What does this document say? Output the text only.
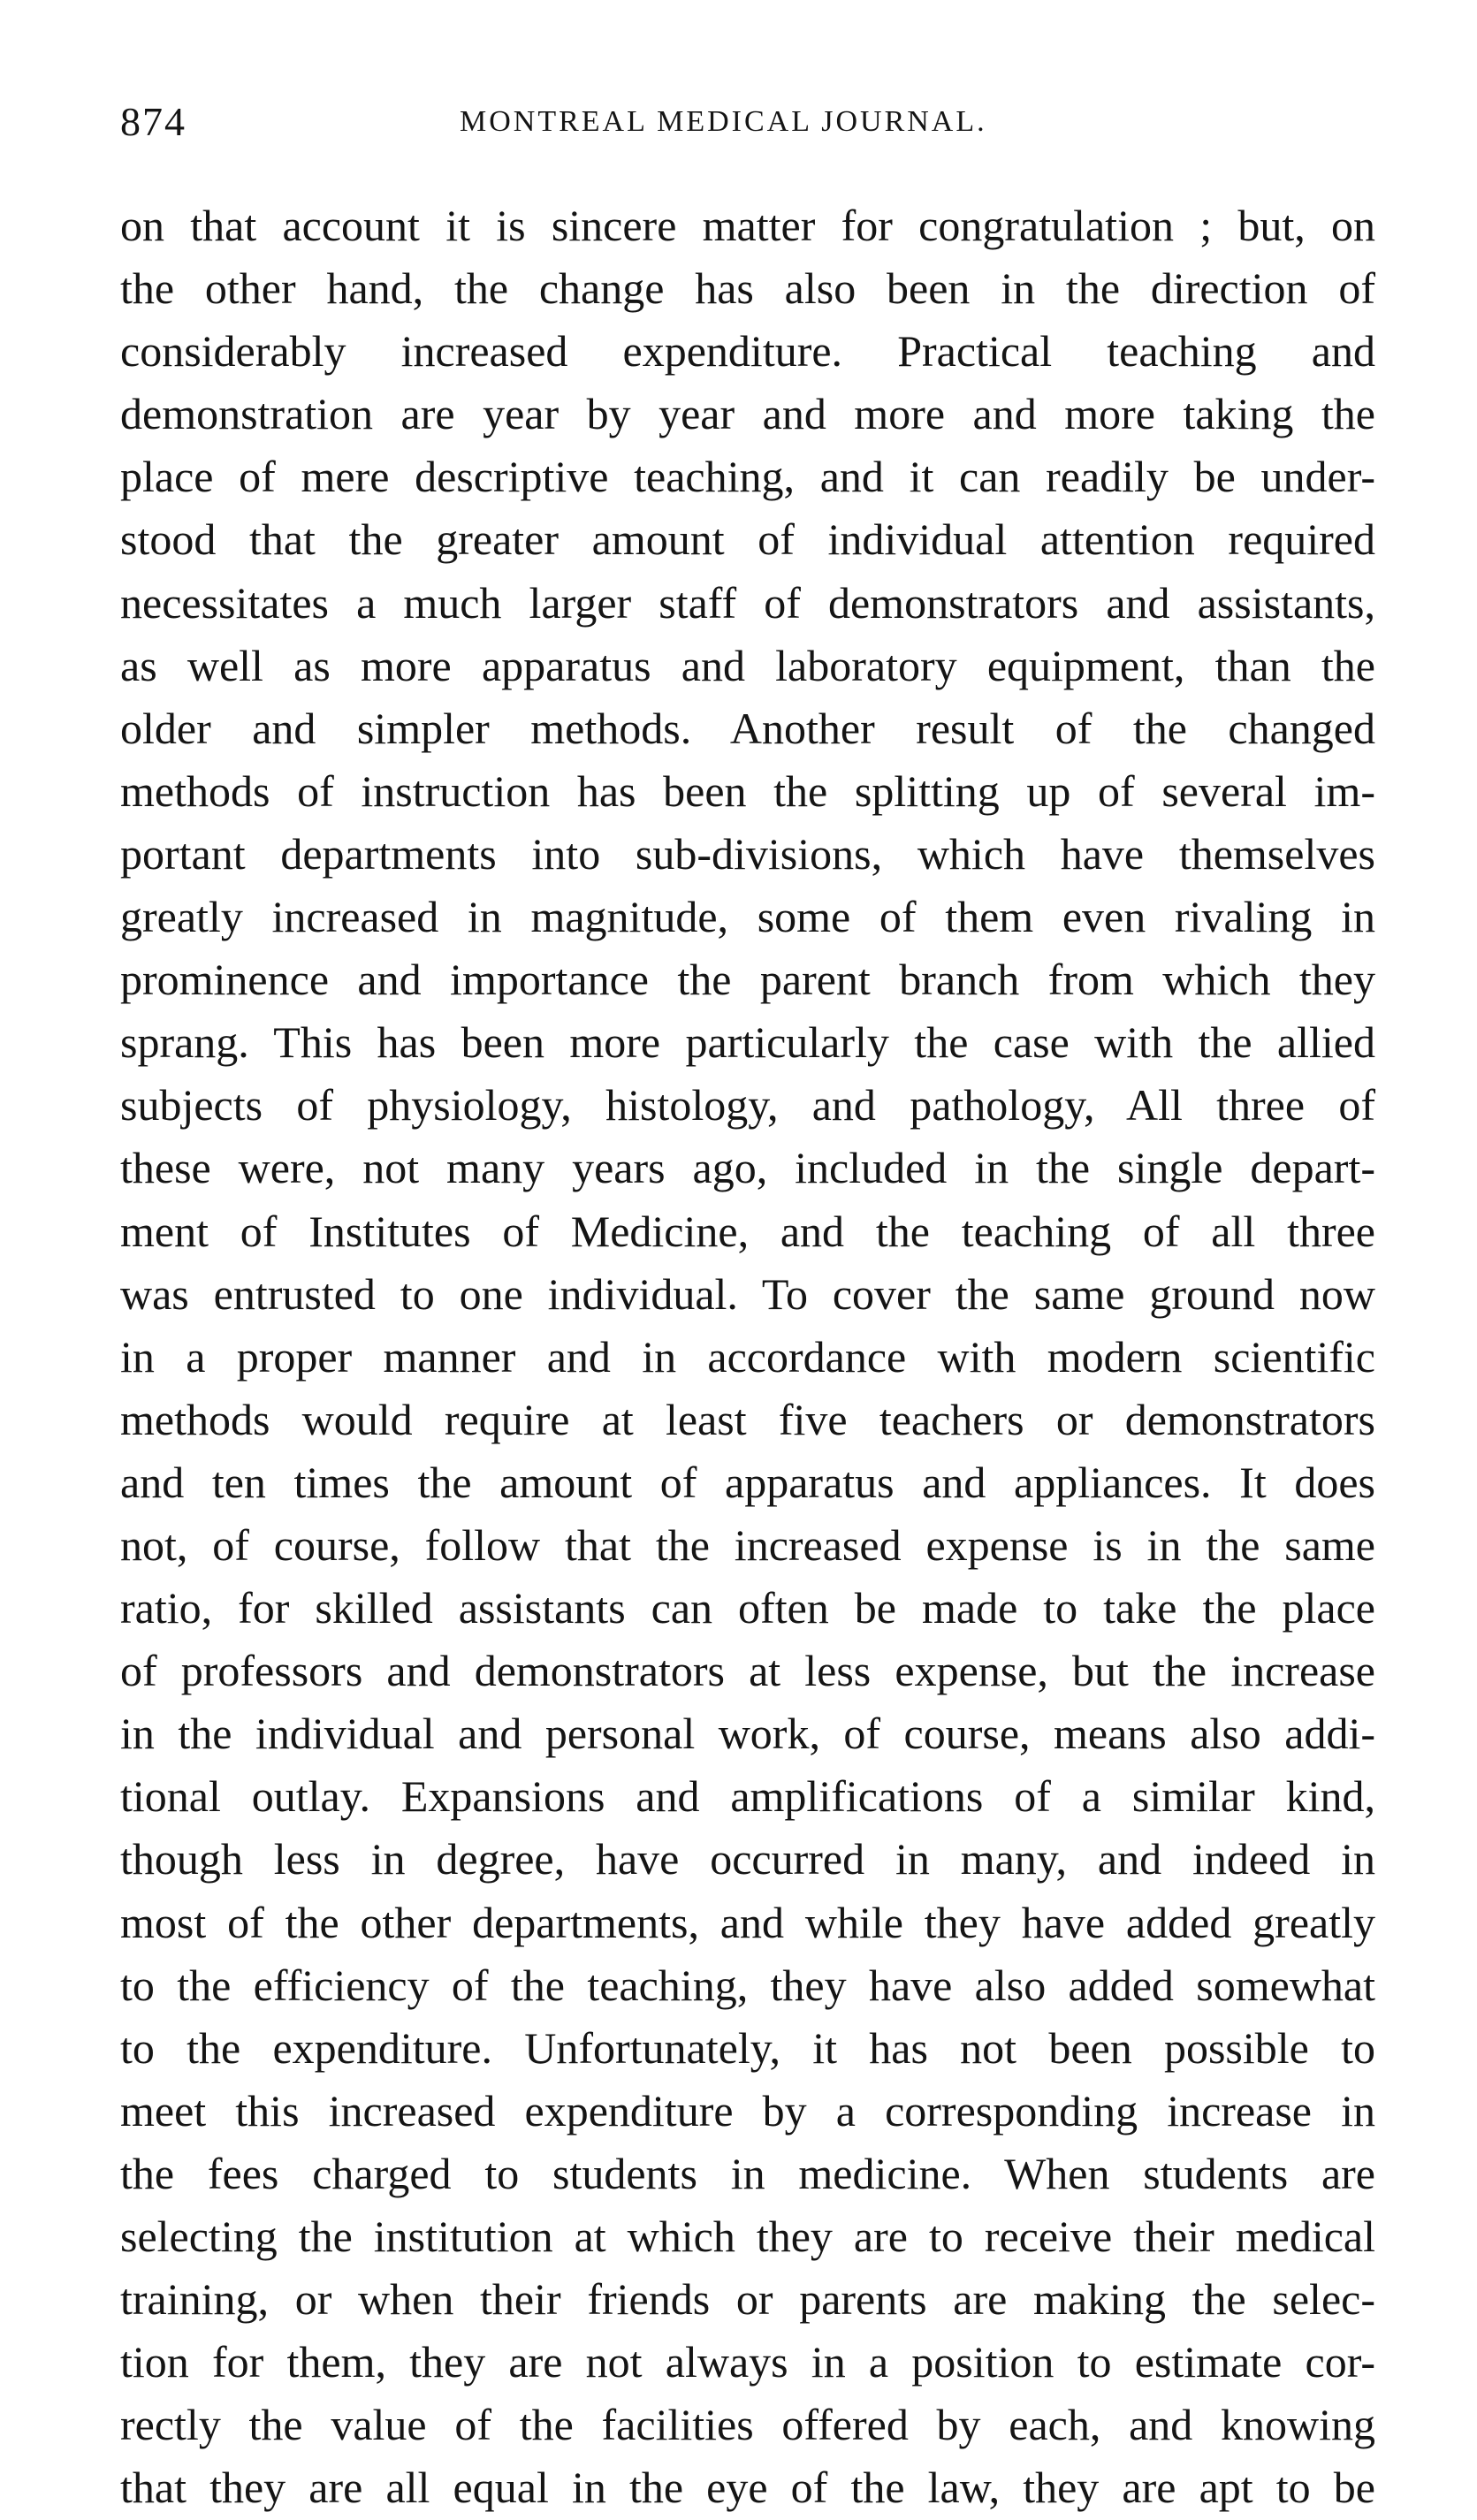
874	MONTREAL MEDICAL JOURNAL.
on that account it is sincere matter for congratulation ; but, on
the other hand, the change has also been in the direction of
considerably increased expenditure. Practical teaching and
demonstration are year by year and more and more taking the
place of mere descriptive teaching, and it can readily be under-
stood that the greater amount of individual attention required
necessitates a much larger staff of demonstrators and assistants,
as well as more apparatus and laboratory equipment, than the
older and simpler methods. Another result of the changed
methods of instruction has been the splitting up of several im-
portant departments into sub-divisions, which have themselves
greatly increased in magnitude, some of them even rivaling in
prominence and importance the parent branch from which they
sprang. This has been more particularly the case with the allied
subjects of physiology, histology, and pathology, All three of
these were, not many years ago, included in the single depart-
ment of Institutes of Medicine, and the teaching of all three
was entrusted to one individual. To cover the same ground now
in a proper manner and in accordance with modern scientific
methods would require at least five teachers or demonstrators
and ten times the amount of apparatus and appliances. It does
not, of course, follow that the increased expense is in the same
ratio, for skilled assistants can often be made to take the place
of professors and demonstrators at less expense, but the increase
in the individual and personal work, of course, means also addi-
tional outlay. Expansions and amplifications of a similar kind,
though less in degree, have occurred in many, and indeed in
most of the other departments, and while they have added greatly
to the efficiency of the teaching, they have also added somewhat
to the expenditure. Unfortunately, it has not been possible to
meet this increased expenditure by a corresponding increase in
the fees charged to students in medicine. When students are
selecting the institution at which they are to receive their medical
training, or when their friends or parents are making the selec-
tion for them, they are not always in a position to estimate cor-
rectly the value of the facilities offered by each, and knowing
that they are all equal in the eye of the law, they are apt to be
